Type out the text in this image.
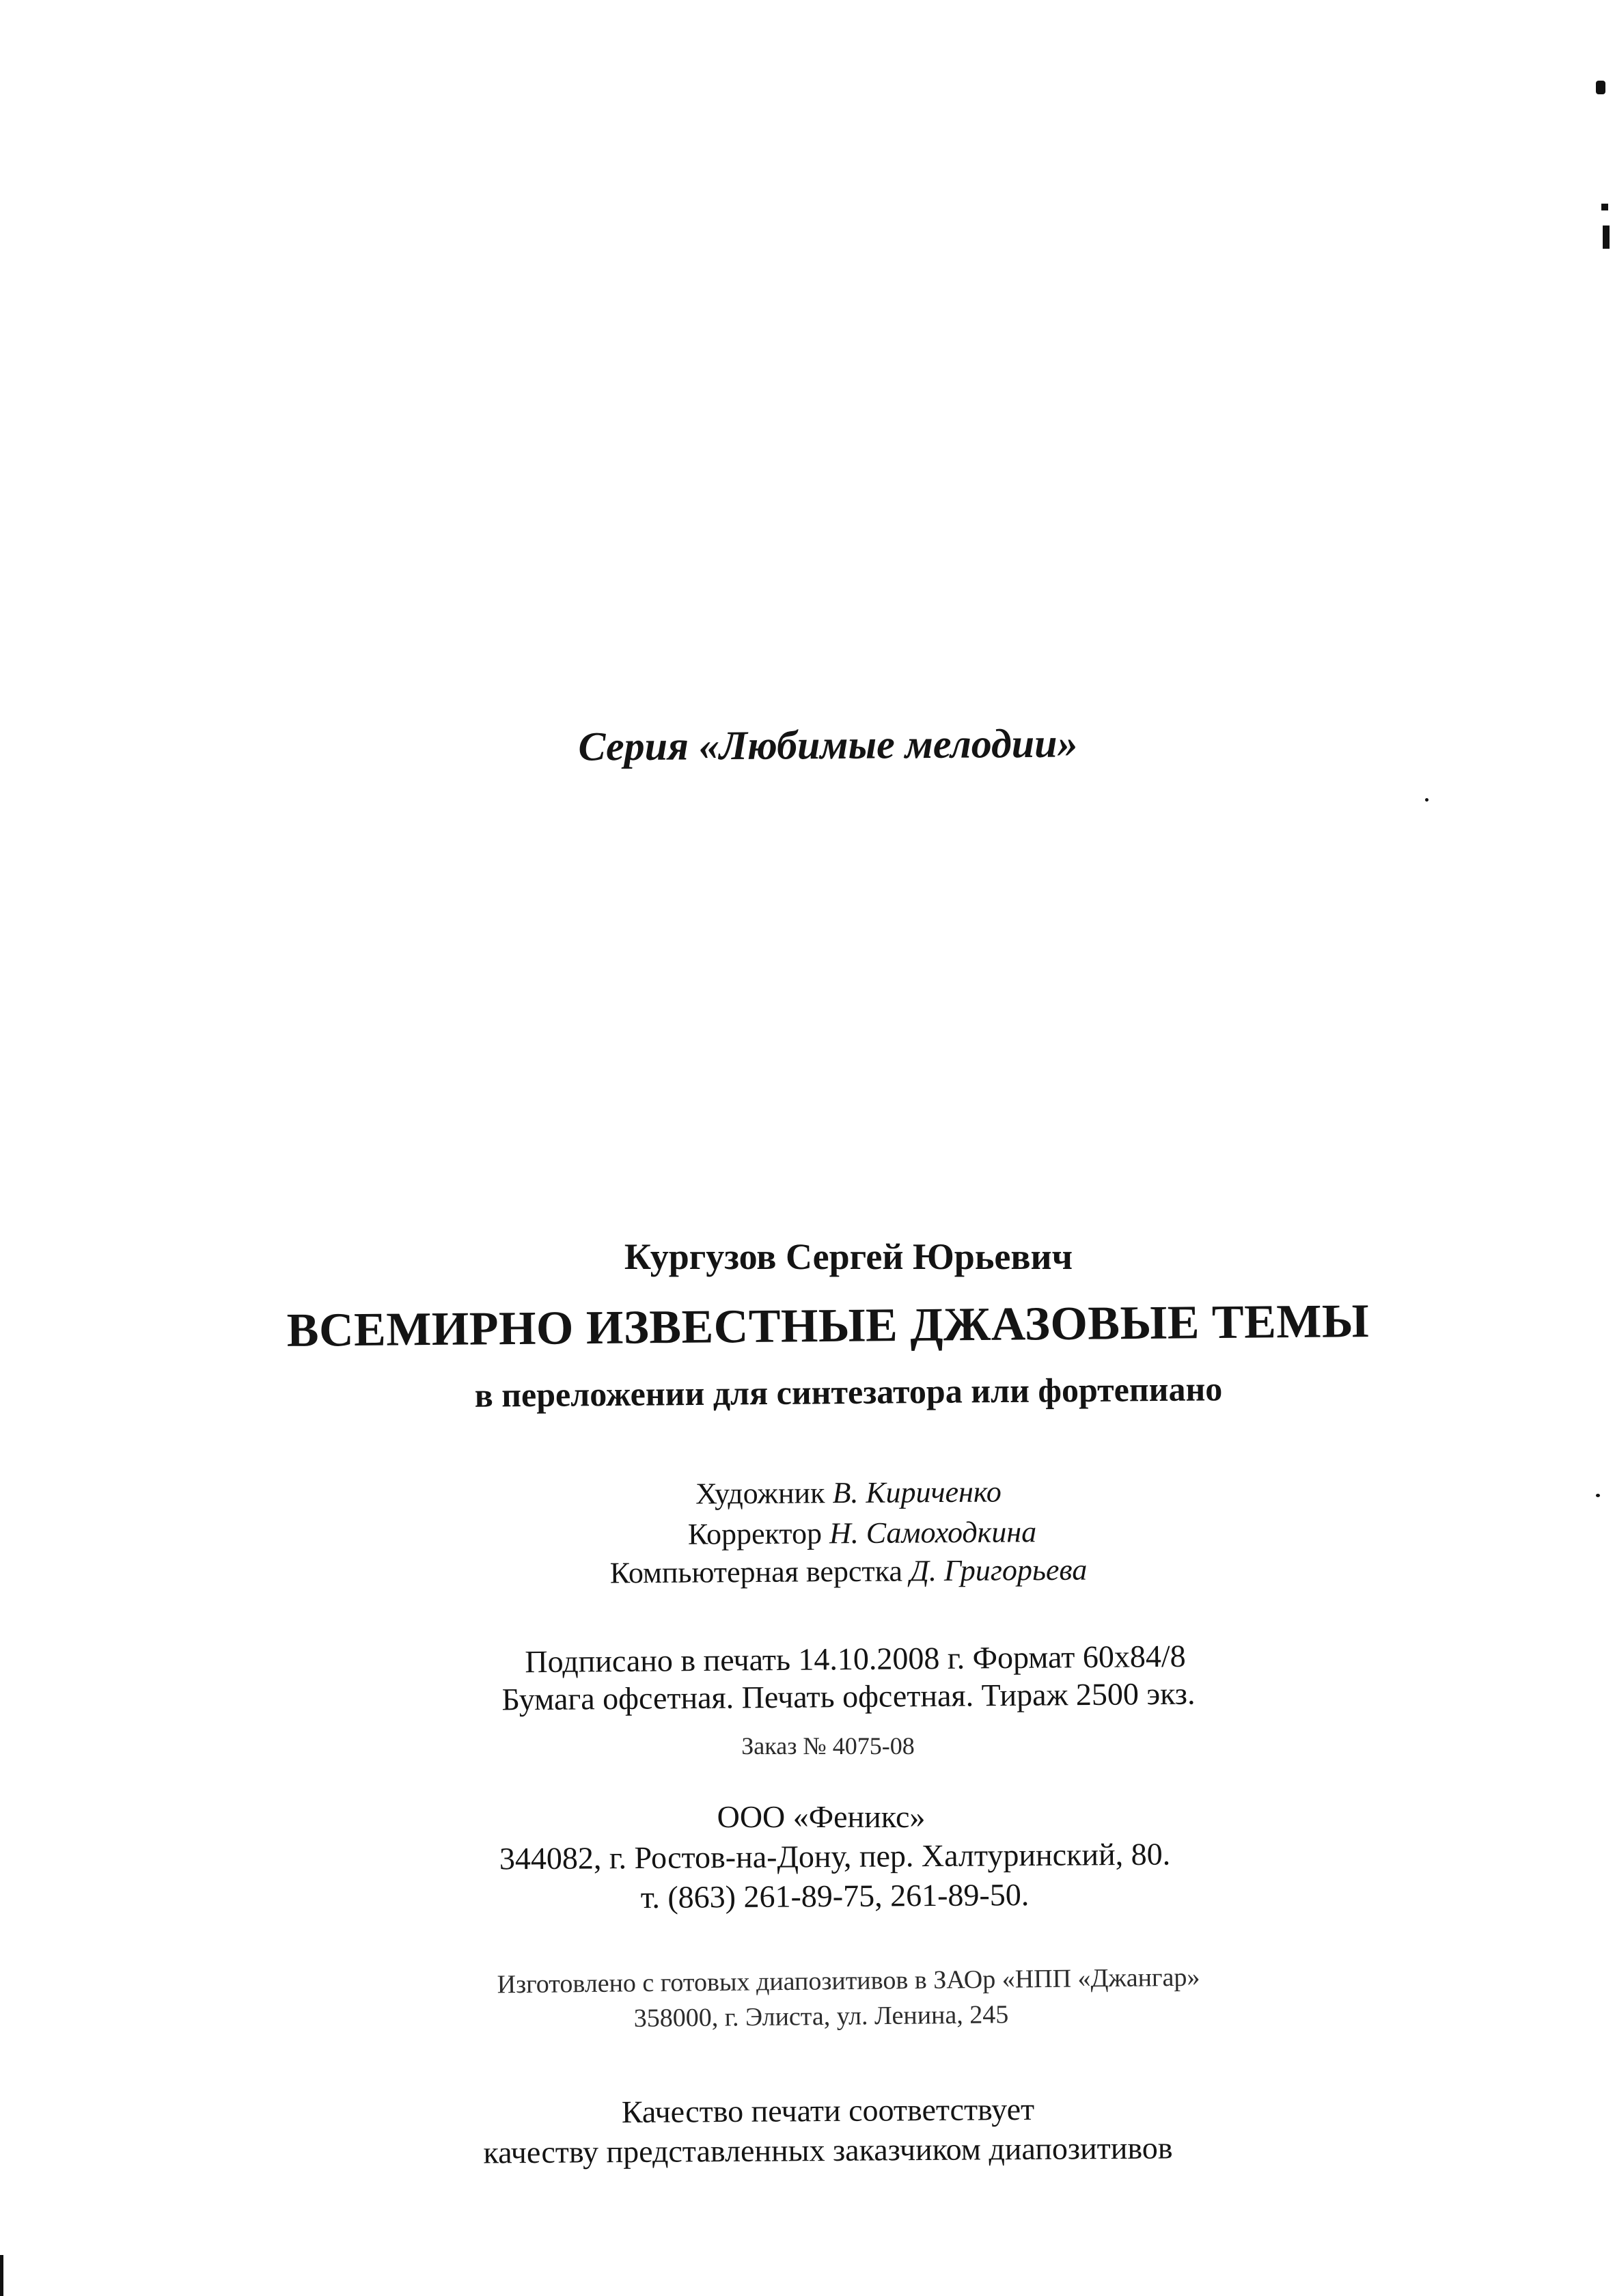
Серия «Любимые мелодии»
Кургузов Сергей Юрьевич
ВСЕМИРНО ИЗВЕСТНЫЕ ДЖАЗОВЫЕ ТЕМЫ
в переложении для синтезатора или фортепиано
Художник В. Кириченко
Корректор Н. Самоходкина
Компьютерная верстка Д. Григорьева
Подписано в печать 14.10.2008 г. Формат 60x84/8
Бумага офсетная. Печать офсетная. Тираж 2500 экз.
Заказ № 4075-08
ООО «Феникс»
344082, г. Ростов-на-Дону, пер. Халтуринский, 80.
т. (863) 261-89-75, 261-89-50.
Изготовлено с готовых диапозитивов в ЗАОр «НПП «Джангар»
358000, г. Элиста, ул. Ленина, 245
Качество печати соответствует
качеству представленных заказчиком диапозитивов
